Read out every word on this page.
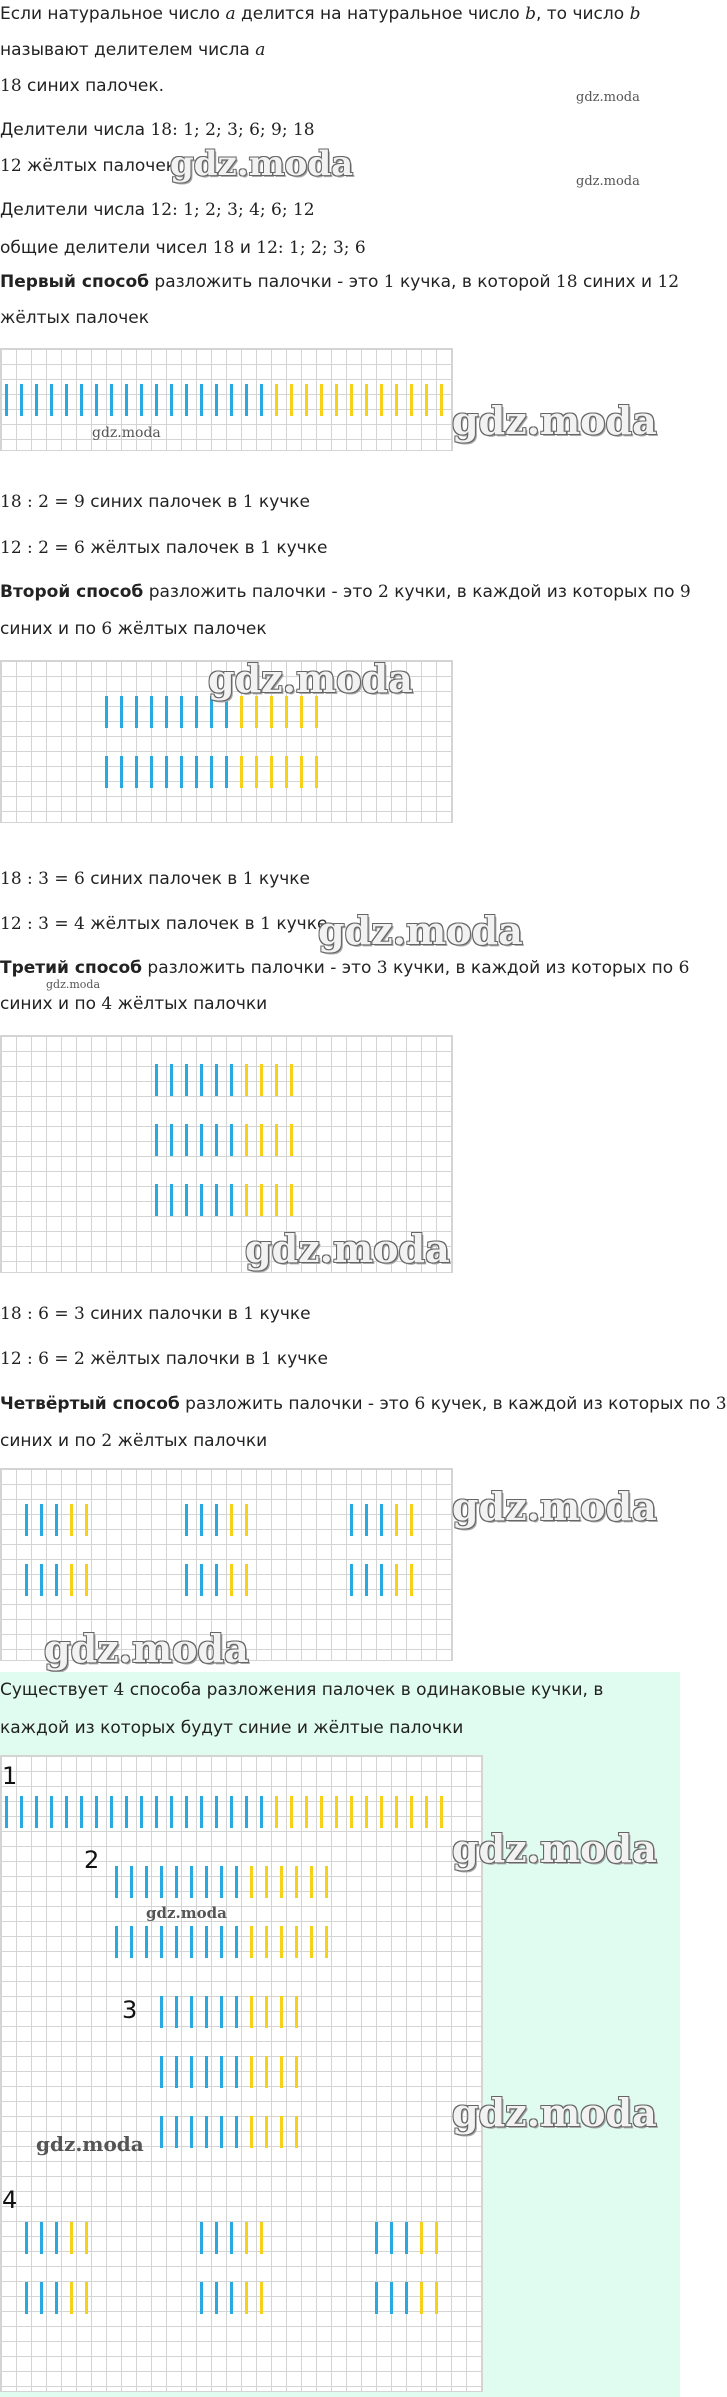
Если натуральное число a делится на натуральное число b, то число b
называют делителем числа a
18 синих палочек.
Делители числа 18: 1; 2; 3; 6; 9; 18
12 жёлтых палочек.
Делители числа 12: 1; 2; 3; 4; 6; 12
общие делители чисел 18 и 12: 1; 2; 3; 6
gdz.moda
gdz.moda
gdz.moda
Первый способ разложить палочки - это 1 кучка, в которой 18 синих и 12
жёлтых палочек
gdz.moda	gdz.moda
18 : 2 = 9 синих палочек в 1 кучке
12 : 2 = 6 жёлтых палочек в 1 кучке
Второй способ разложить палочки - это 2 кучки, в каждой из которых по 9
синих и по 6 жёлтых палочек
gdz.moda
18 : 3 = 6 синих палочек в 1 кучке
12 : 3 = 4 жёлтых палочек в 1 кучке
gdz.moda
Третий способ разложить палочки - это 3 кучки, в каждой из которых по 6
gdz.moda
синих и по 4 жёлтых палочки
gdz.moda
18 : 6 = 3 синих палочки в 1 кучке
12 : 6 = 2 жёлтых палочки в 1 кучке
Четвёртый способ разложить палочки - это 6 кучек, в каждой из которых по 3
синих и по 2 жёлтых палочки
gdz.moda
gdz.moda
Существует 4 способа разложения палочек в одинаковые кучки, в
каждой из которых будут синие и жёлтые палочки
1
2
3
4
gdz.moda
gdz.moda
gdz.moda
gdz.moda
